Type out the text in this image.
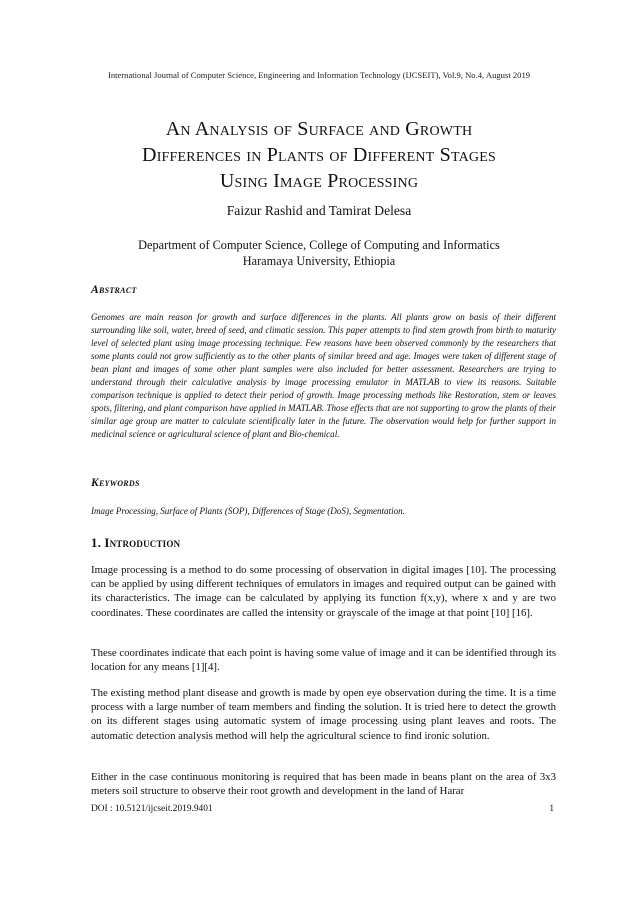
International Journal of Computer Science, Engineering and Information Technology (IJCSEIT), Vol.9, No.4, August 2019
An Analysis of Surface and Growth
Differences in Plants of Different Stages
Using Image Processing
Faizur Rashid and Tamirat Delesa
Department of Computer Science, College of Computing and Informatics
Haramaya University, Ethiopia
Abstract

Genomes are main reason for growth and surface differences in the plants. All plants grow on basis of their different surrounding like soil, water, breed of seed, and climatic session. This paper attempts to find stem growth from birth to maturity level of selected plant using image processing technique. Few reasons have been observed commonly by the researchers that some plants could not grow sufficiently as to the other plants of similar breed and age. Images were taken of different stage of bean plant and images of some other plant samples were also included for better assessment. Researchers are trying to understand through their calculative analysis by image processing emulator in MATLAB to view its reasons. Suitable comparison technique is applied to detect their period of growth. Image processing methods like Restoration, stem or leaves spots, filtering, and plant comparison have applied in MATLAB. Those effects that are not supporting to grow the plants of their similar age group are matter to calculate scientifically later in the future. The observation would help for further support in medicinal science or agricultural science of plant and Bio-chemical.

Keywords

Image Processing, Surface of Plants (SOP), Differences of Stage (DoS), Segmentation.

1. Introduction

Image processing is a method to do some processing of observation in digital images [10]. The processing can be applied by using different techniques of emulators in images and required output can be gained with its characteristics. The image can be calculated by applying its function f(x,y), where x and y are two coordinates. These coordinates are called the intensity or grayscale of the image at that point [10] [16].

These coordinates indicate that each point is having some value of image and it can be identified through its location for any means [1][4].

The existing method plant disease and growth is made by open eye observation during the time. It is a time process with a large number of team members and finding the solution. It is tried here to detect the growth on its different stages using automatic system of image processing using plant leaves and roots. The automatic detection analysis method will help the agricultural science to find ironic solution.

Either in the case continuous monitoring is required that has been made in beans plant on the area of 3x3 meters soil structure to observe their root growth and development in the land of Harar

DOI : 10.5121/ijcseit.2019.9401	1
